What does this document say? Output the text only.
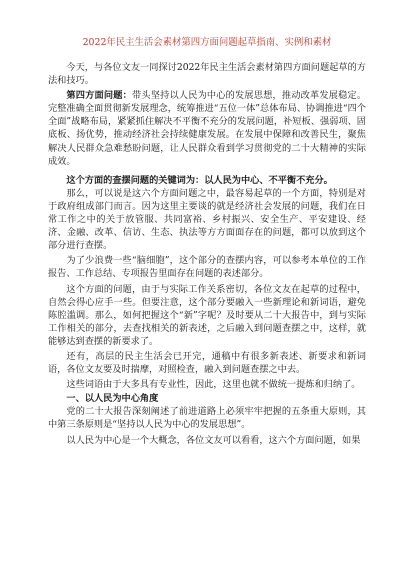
2022年民主生活会素材第四方面问题起草指南、实例和素材

今天，与各位文友一同探讨2022年民主生活会素材第四方面问题起草的方法和技巧。

第四方面问题：带头坚持以人民为中心的发展思想，推动改革发展稳定。完整准确全面贯彻新发展理念，统筹推进“五位一体”总体布局、协调推进“四个全面”战略布局，紧紧抓住解决不平衡不充分的发展问题，补短板、强弱项、固底板、扬优势，推动经济社会持续健康发展。在发展中保障和改善民生，聚焦解决人民群众急难愁盼问题，让人民群众看到学习贯彻党的二十大精神的实际成效。

这个方面的查摆问题的关键词为：以人民为中心、不平衡不充分。

那么，可以说是这六个方面问题之中，最容易起草的一个方面，特别是对于政府组成部门而言。因为这里主要谈的就是经济社会发展的问题，我们在日常工作之中的关于放管服、共同富裕、乡村振兴、安全生产、平安建设、经济、金融、改革、信访、生态、执法等方方面面存在的问题，都可以放到这个部分进行查摆。

为了少浪费一些“脑细胞”，这个部分的查摆内容，可以参考本单位的工作报告、工作总结、专项报告里面存在问题的表述部分。

这个方面的问题，由于与实际工作关系密切，各位文友在起草的过程中，自然会得心应手一些。但要注意，这个部分要融入一些新理论和新词语，避免陈腔滥调。那么，如何把握这个“新”字呢？及时要从二十大报告中，到与实际工作相关的部分，去查找相关的新表述，之后融入到问题查摆之中，这样，就能够达到查摆的新要求了。

还有，高层的民主生活会已开完，通稿中有很多新表述、新要求和新词语，各位文友要及时揣摩，对照检查，融入到问题查摆之中去。

这些词语由于大多具有专业性，因此，这里也就不做统一提炼和归纳了。

一、以人民为中心角度

党的二十大报告深刻阐述了前进道路上必须牢牢把握的五条重大原则，其中第三条原则是“坚持以人民为中心的发展思想”。

以人民为中心是一个大概念，各位文友可以看看，这六个方面问题，如果
